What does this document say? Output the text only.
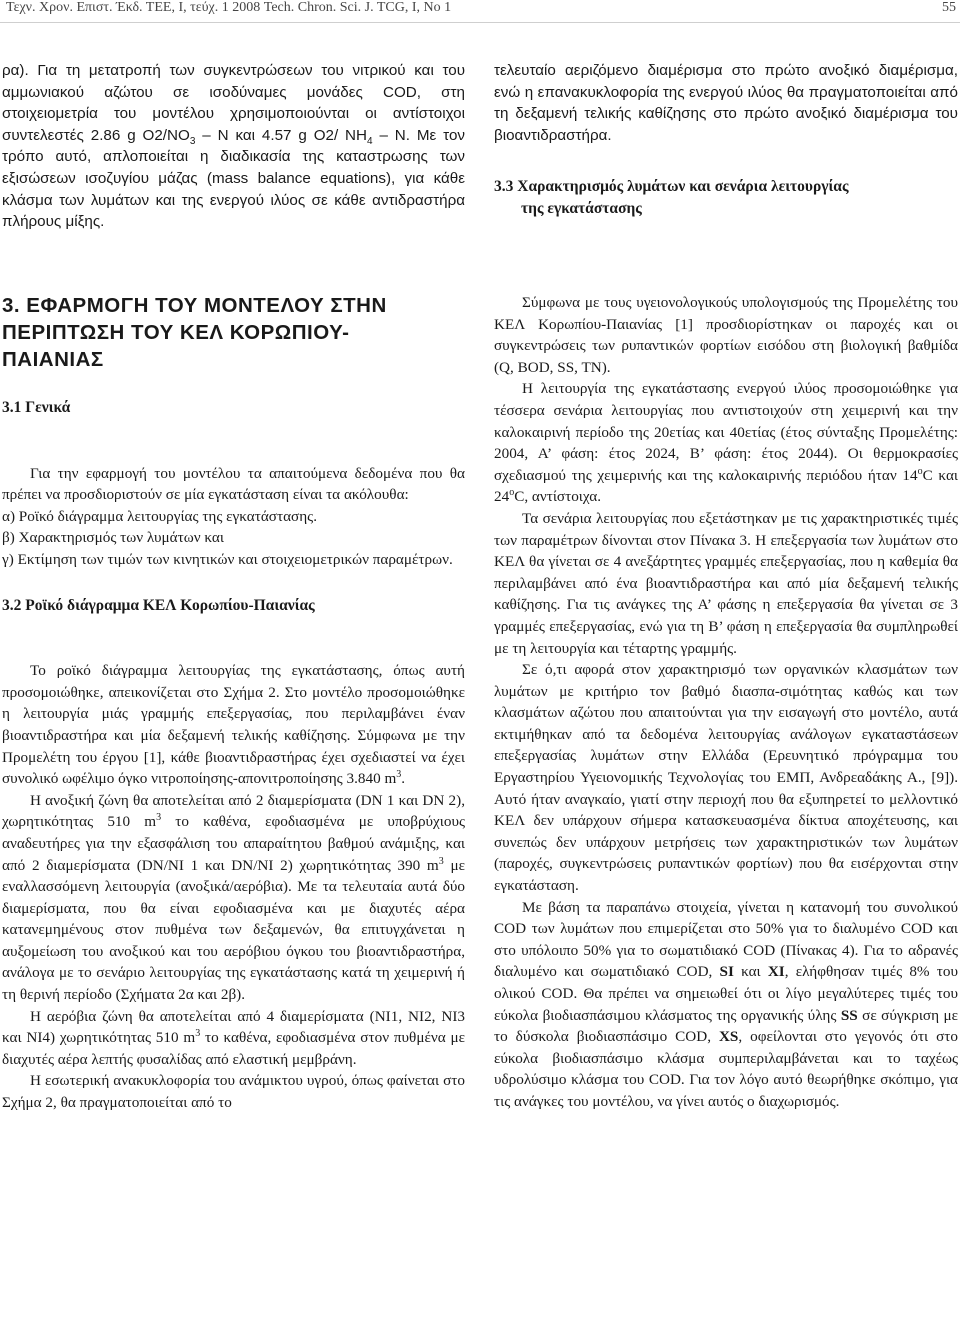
Τεχν. Χρον. Επιστ. Έκδ. ΤΕΕ, I, τεύχ. 1 2008 Tech. Chron. Sci. J. TCG, I, No 1	55

ρα). Για τη μετατροπή των συγκεντρώσεων του νιτρικού και του αμμωνιακού αζώτου σε ισοδύναμες μονάδες COD, στη στοιχειομετρία του μοντέλου χρησιμοποιούνται οι αντίστοιχοι συντελεστές 2.86 g $O2/NO_3$ – N και 4.57 g O2/ $NH_4$ – N. Με τον τρόπο αυτό, απλοποιείται η διαδικασία της καταστρωσης των εξισώσεων ισοζυγίου μάζας (mass balance equations), για κάθε κλάσμα των λυμάτων και της ενεργού ιλύος σε κάθε αντιδραστήρα πλήρους μίξης.

τελευταίο αεριζόμενο διαμέρισμα στο πρώτο ανοξικό διαμέρισμα, ενώ η επανακυκλοφορία της ενεργού ιλύος θα πραγματοποιείται από τη δεξαμενή τελικής καθίζησης στο πρώτο ανοξικό διαμέρισμα του βιοαντιδραστήρα.

3.3 Χαρακτηρισμός λυμάτων και σενάρια λειτουργίας
της εγκατάστασης
3. ΕΦΑΡΜΟΓΗ ΤΟΥ ΜΟΝΤΕΛΟΥ ΣΤΗΝ
ΠΕΡΙΠΤΩΣΗ ΤΟΥ ΚΕΛ ΚΟΡΩΠΙΟΥ-
ΠΑΙΑΝΙΑΣ
3.1 Γενικά

Για την εφαρμογή του μοντέλου τα απαιτούμενα δεδομένα που θα πρέπει να προσδιοριστούν σε μία εγκατάσταση είναι τα ακόλουθα:

α) Ροϊκό διάγραμμα λειτουργίας της εγκατάστασης.

β) Χαρακτηρισμός των λυμάτων και

γ) Εκτίμηση των τιμών των κινητικών και στοιχειομετρικών παραμέτρων.

3.2 Ροϊκό διάγραμμα ΚΕΛ Κορωπίου-Παιανίας

Το ροϊκό διάγραμμα λειτουργίας της εγκατάστασης, όπως αυτή προσομοιώθηκε, απεικονίζεται στο Σχήμα 2. Στο μοντέλο προσομοιώθηκε η λειτουργία μιάς γραμμής επεξεργασίας, που περιλαμβάνει έναν βιοαντιδραστήρα και μία δεξαμενή τελικής καθίζησης. Σύμφωνα με την Προμελέτη του έργου [1], κάθε βιοαντιδραστήρας έχει σχεδιαστεί να έχει συνολικό ωφέλιμο όγκο νιτροποίησης-απονιτροποίησης 3.840 $m^3$.

Η ανοξική ζώνη θα αποτελείται από 2 διαμερίσματα (DN 1 και DN 2), χωρητικότητας 510 $m^3$ το καθένα, εφοδιασμένα με υποβρύχιους αναδευτήρες για την εξασφάλιση του απαραίτητου βαθμού ανάμιξης, και από 2 διαμερίσματα (DN/NI 1 και DN/NI 2) χωρητικότητας 390 $m^3$ με εναλλασσόμενη λειτουργία (ανοξικά/αερόβια). Με τα τελευταία αυτά δύο διαμερίσματα, που θα είναι εφοδιασμένα και με διαχυτές αέρα κατανεμημένους στον πυθμένα των δεξαμενών, θα επιτυγχάνεται η αυξομείωση του ανοξικού και του αερόβιου όγκου του βιοαντιδραστήρα, ανάλογα με το σενάριο λειτουργίας της εγκατάστασης κατά τη χειμερινή ή τη θερινή περίοδο (Σχήματα 2α και 2β).

Η αερόβια ζώνη θα αποτελείται από 4 διαμερίσματα (NI1, NI2, NI3 και NI4) χωρητικότητας 510 $m^3$ το καθένα, εφοδιασμένα στον πυθμένα με διαχυτές αέρα λεπτής φυσαλίδας από ελαστική μεμβράνη.

Η εσωτερική ανακυκλοφορία του ανάμικτου υγρού, όπως φαίνεται στο Σχήμα 2, θα πραγματοποιείται από το

Σύμφωνα με τους υγειονολογικούς υπολογισμούς της Προμελέτης του ΚΕΛ Κορωπίου-Παιανίας [1] προσδιορίστηκαν οι παροχές και οι συγκεντρώσεις των ρυπαντικών φορτίων εισόδου στη βιολογική βαθμίδα (Q, BOD, SS, TN).

Η λειτουργία της εγκατάστασης ενεργού ιλύος προσομοιώθηκε για τέσσερα σενάρια λειτουργίας που αντιστοιχούν στη χειμερινή και την καλοκαιρινή περίοδο της 20ετίας και 40ετίας (έτος σύνταξης Προμελέτης: 2004, Α’ φάση: έτος 2024, Β’ φάση: έτος 2044). Οι θερμοκρασίες σχεδιασμού της χειμερινής και της καλοκαιρινής περιόδου ήταν 14$^o$C και 24$^o$C, αντίστοιχα.

Τα σενάρια λειτουργίας που εξετάστηκαν με τις χαρακτηριστικές τιμές των παραμέτρων δίνονται στον Πίνακα 3. Η επεξεργασία των λυμάτων στο ΚΕΛ θα γίνεται σε 4 ανεξάρτητες γραμμές επεξεργασίας, που η καθεμία θα περιλαμβάνει από ένα βιοαντιδραστήρα και από μία δεξαμενή τελικής καθίζησης. Για τις ανάγκες της Α’ φάσης η επεξεργασία θα γίνεται σε 3 γραμμές επεξεργασίας, ενώ για τη Β’ φάση η επεξεργασία θα συμπληρωθεί με τη λειτουργία και τέταρτης γραμμής.

Σε ό,τι αφορά στον χαρακτηρισμό των οργανικών κλασμάτων των λυμάτων με κριτήριο τον βαθμό διασπα-σιμότητας καθώς και των κλασμάτων αζώτου που απαιτούνται για την εισαγωγή στο μοντέλο, αυτά εκτιμήθηκαν από τα δεδομένα λειτουργίας ανάλογων εγκαταστάσεων επεξεργασίας λυμάτων στην Ελλάδα (Ερευνητικό πρόγραμμα του Εργαστηρίου Υγειονομικής Τεχνολογίας του ΕΜΠ, Ανδρεαδάκης Α., [9]). Αυτό ήταν αναγκαίο, γιατί στην περιοχή που θα εξυπηρετεί το μελλοντικό ΚΕΛ δεν υπάρχουν σήμερα κατασκευασμένα δίκτυα αποχέτευσης, και συνεπώς δεν υπάρχουν μετρήσεις των χαρακτηριστικών των λυμάτων (παροχές, συγκεντρώσεις ρυπαντικών φορτίων) που θα εισέρχονται στην εγκατάσταση.

Με βάση τα παραπάνω στοιχεία, γίνεται η κατανομή του συνολικού COD των λυμάτων που επιμερίζεται στο 50% για το διαλυμένο COD και στο υπόλοιπο 50% για το σωματιδιακό COD (Πίνακας 4). Για το αδρανές διαλυμένο και σωματιδιακό COD, SI και XI, ελήφθησαν τιμές 8% του ολικού COD. Θα πρέπει να σημειωθεί ότι οι λίγο μεγαλύτερες τιμές του εύκολα βιοδιασπάσιμου κλάσματος της οργανικής ύλης SS σε σύγκριση με το δύσκολα βιοδιασπάσιμο COD, XS, οφείλονται στο γεγονός ότι στο εύκολα βιοδιασπάσιμο κλάσμα συμπεριλαμβάνεται και το ταχέως υδρολύσιμο κλάσμα του COD. Για τον λόγο αυτό θεωρήθηκε σκόπιμο, για τις ανάγκες του μοντέλου, να γίνει αυτός ο διαχωρισμός.
